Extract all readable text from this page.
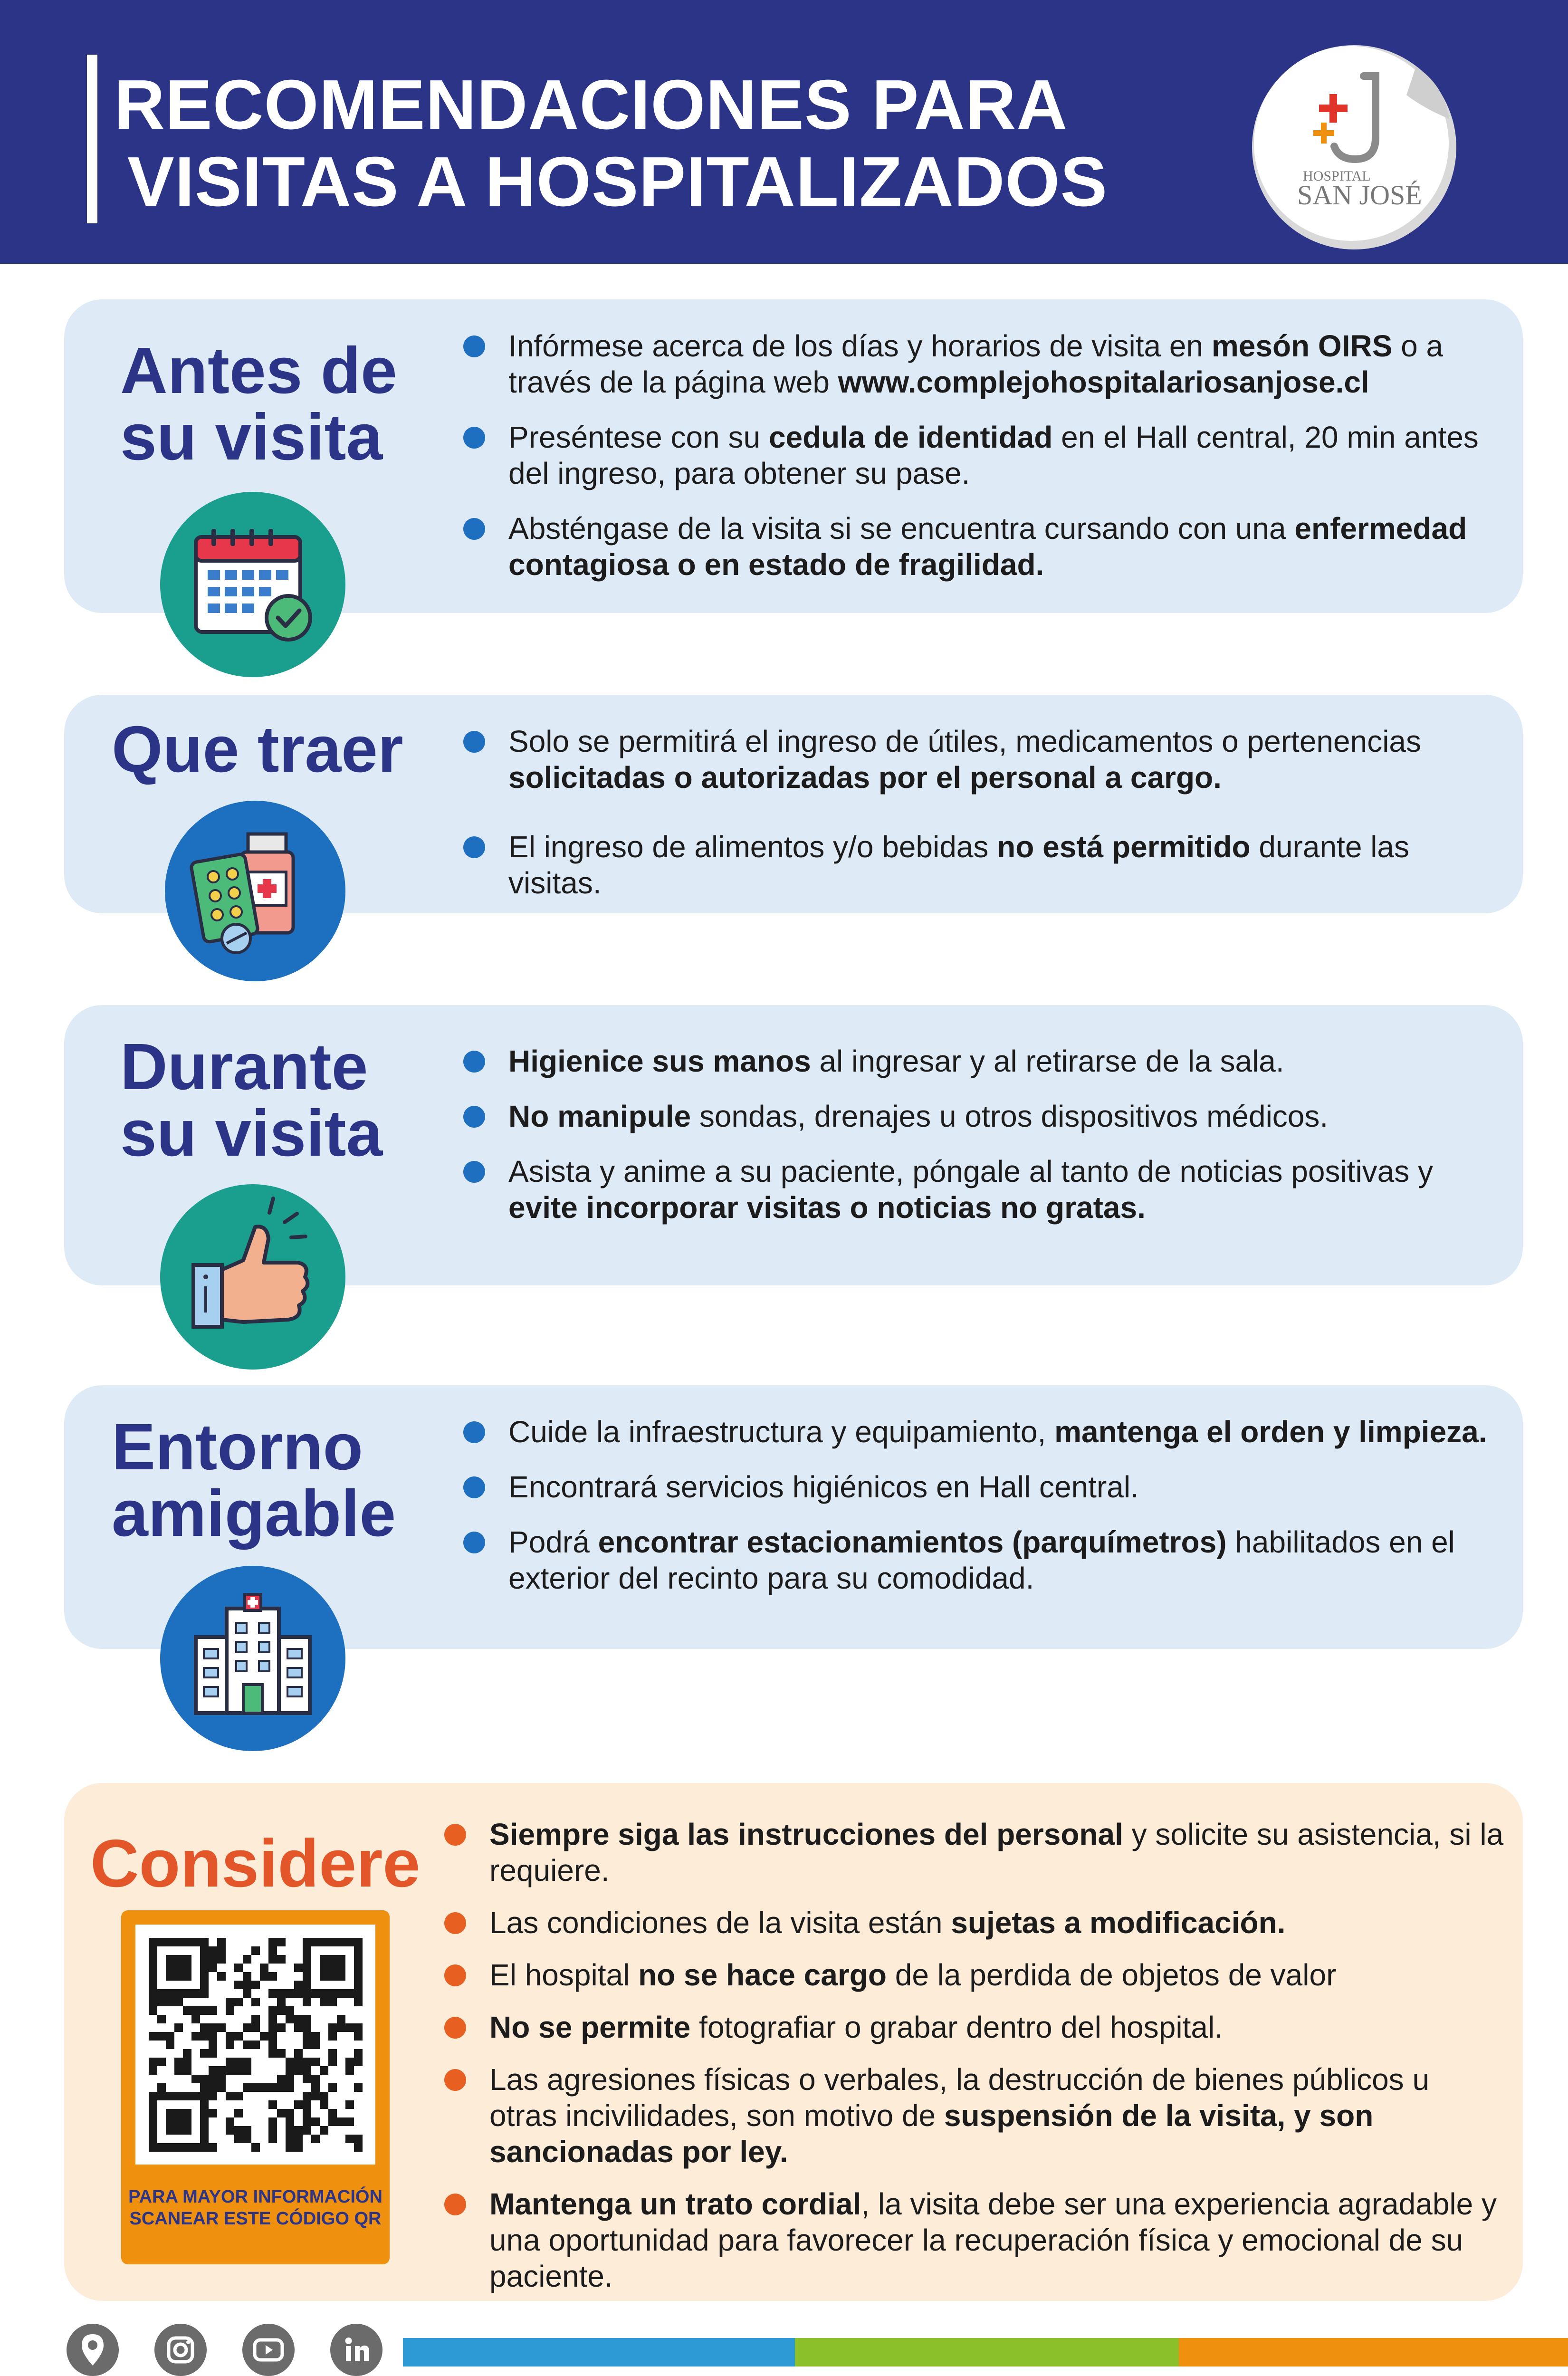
RECOMENDACIONES PARA
VISITAS A HOSPITALIZADOS	HOSPITAL
SAN JOSÉ
Antes de
su visita
Infórmese acerca de los días y horarios de visita en mesón OIRS o a través de la página web www.complejohospitalariosanjose.cl
Preséntese con su cedula de identidad en el Hall central, 20 min antes del ingreso, para obtener su pase.
Absténgase de la visita si se encuentra cursando con una enfermedad contagiosa o en estado de fragilidad.
Que traer	Solo se permitirá el ingreso de útiles, medicamentos o pertenencias solicitadas o autorizadas por el personal a cargo.
El ingreso de alimentos y/o bebidas no está permitido durante las visitas.
Durante
su visita
Higienice sus manos al ingresar y al retirarse de la sala.
No manipule sondas, drenajes u otros dispositivos médicos.
Asista y anime a su paciente, póngale al tanto de noticias positivas y evite incorporar visitas o noticias no gratas.
Entorno
amigable
Cuide la infraestructura y equipamiento, mantenga el orden y limpieza.
Encontrará servicios higiénicos en Hall central.
Podrá encontrar estacionamientos (parquímetros) habilitados en el exterior del recinto para su comodidad.
Considere	Siempre siga las instrucciones del personal y solicite su asistencia, si la requiere.
Las condiciones de la visita están sujetas a modificación.
El hospital no se hace cargo de la perdida de objetos de valor
No se permite fotografiar o grabar dentro del hospital.
Las agresiones físicas o verbales, la destrucción de bienes públicos u otras incivilidades, son motivo de suspensión de la visita, y son sancionadas por ley.
Mantenga un trato cordial, la visita debe ser una experiencia agradable y una oportunidad para favorecer la recuperación física y emocional de su paciente.
PARA MAYOR INFORMACIÓN SCANEAR ESTE CÓDIGO QR
